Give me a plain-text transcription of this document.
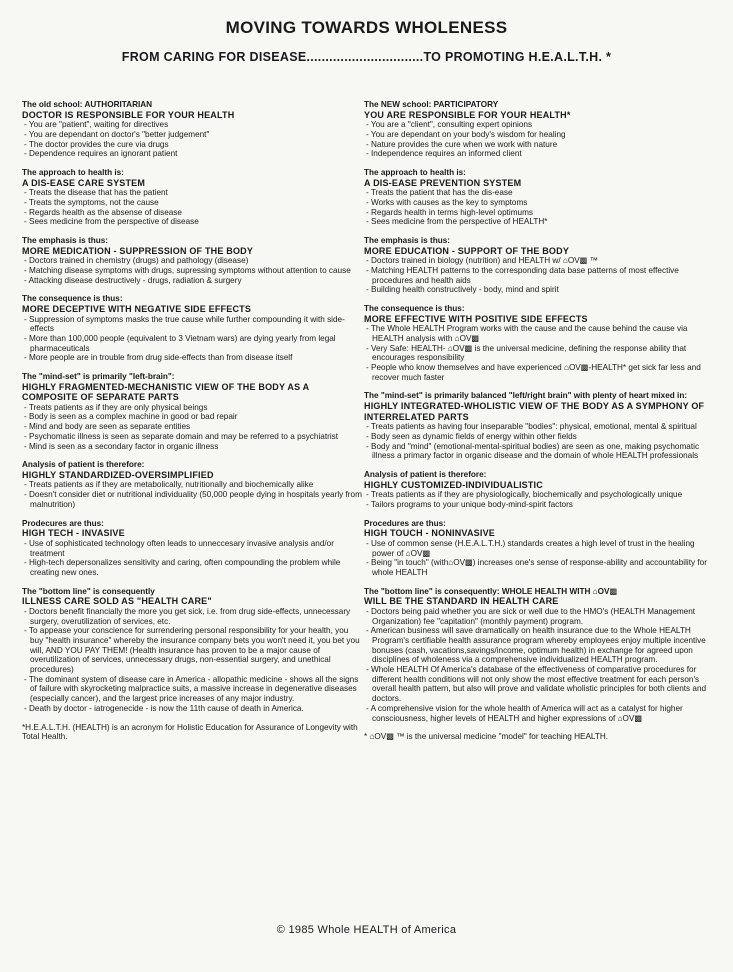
MOVING TOWARDS WHOLENESS
FROM CARING FOR DISEASE...............................TO PROMOTING H.E.A.L.T.H. *
The old school: AUTHORITARIAN
DOCTOR IS RESPONSIBLE FOR YOUR HEALTH
- You are "patient", waiting for directives
- You are dependant on doctor's "better judgement"
- The doctor provides the cure via drugs
- Dependence requires an ignorant patient
The approach to health is:
A DIS-EASE CARE SYSTEM
- Treats the disease that has the patient
- Treats the symptoms, not the cause
- Regards health as the absense of disease
- Sees medicine from the perspective of disease
The emphasis is thus:
MORE MEDICATION - SUPPRESSION OF THE BODY
- Doctors trained in chemistry (drugs) and pathology (disease)
- Matching disease symptoms with drugs, supressing symptoms without attention to cause
- Attacking disease destructively - drugs, radiation & surgery
The consequence is thus:
MORE DECEPTIVE WITH NEGATIVE SIDE EFFECTS
- Suppression of symptoms masks the true cause while further compounding it with side-effects
- More than 100,000 people (equivalent to 3 Vietnam wars) are dying yearly from legal pharmaceuticals
- More people are in trouble from drug side-effects than from disease itself
The "mind-set" is primarily "left-brain":
HIGHLY FRAGMENTED-MECHANISTIC VIEW OF THE BODY AS A COMPOSITE OF SEPARATE PARTS
- Treats patients as if they are only physical beings
- Body is seen as a complex machine in good or bad repair
- Mind and body are seen as separate entities
- Psychomatic illness is seen as separate domain and may be referred to a psychiatrist
- Mind is seen as a secondary factor in organic illness
Analysis of patient is therefore:
HIGHLY STANDARDIZED-OVERSIMPLIFIED
- Treats patients as if they are metabolically, nutritionally and biochemically alike
- Doesn't consider diet or nutritional individuality (50,000 people dying in hospitals yearly from malnutrition)
Prodecures are thus:
HIGH TECH - INVASIVE
- Use of sophisticated technology often leads to unneccesary invasive analysis and/or treatment
- High-tech depersonalizes sensitivity and caring, often compounding the problem while creating new ones.
The "bottom line" is consequently
ILLNESS CARE SOLD AS "HEALTH CARE"
- Doctors benefit financially the more you get sick, i.e. from drug side-effects, unnecessary surgery, overutilization of services, etc.
- To appease your conscience for surrendering personal responsibility for your health, you buy "health insurance" whereby the insurance company bets you won't need it, you bet you will, AND YOU PAY THEM! (Health insurance has proven to be a major cause of overutilization of services, unnecessary drugs, non-essential surgery, and unethical procedures)
- The dominant system of disease care in America - allopathic medicine - shows all the signs of failure with skyrocketing malpractice suits, a massive increase in degenerative diseases (especially cancer), and the largest price increases of any major industry.
- Death by doctor - iatrogenecide - is now the 11th cause of death in America.
*H.E.A.L.T.H. (HEALTH) is an acronym for Holistic Education for Assurance of Longevity with Total Health.
The NEW school: PARTICIPATORY
YOU ARE RESPONSIBLE FOR YOUR HEALTH*
- You are a "client", consulting expert opinions
- You are dependant on your body's wisdom for healing
- Nature provides the cure when we work with nature
- Independence requires an informed client
The approach to health is:
A DIS-EASE PREVENTION SYSTEM
- Treats the patient that has the dis-ease
- Works with causes as the key to symptoms
- Regards health in terms high-level optimums
- Sees medicine from the perspective of HEALTH*
The emphasis is thus:
MORE EDUCATION - SUPPORT OF THE BODY
- Doctors trained in biology (nutrition) and HEALTH w/ ⌂OV▩ ™
- Matching HEALTH patterns to the corresponding data base patterns of most effective procedures and health aids
- Building health constructively - body, mind and spirit
The consequence is thus:
MORE EFFECTIVE WITH POSITIVE SIDE EFFECTS
- The Whole HEALTH Program works with the cause and the cause behind the cause via HEALTH analysis with ⌂OV▩
- Very Safe: HEALTH- ⌂OV▩ is the universal medicine, defining the response ability that encourages responsibility
- People who know themselves and have experienced ⌂OV▩-HEALTH* get sick far less and recover much faster
The "mind-set" is primarily balanced "left/right brain" with plenty of heart mixed in:
HIGHLY INTEGRATED-WHOLISTIC VIEW OF THE BODY AS A SYMPHONY OF INTERRELATED PARTS
- Treats patients as having four inseparable "bodies": physical, emotional, mental & spiritual
- Body seen as dynamic fields of energy within other fields
- Body and "mind" (emotional-mental-spiritual bodies) are seen as one, making psychomatic illness a primary factor in organic disease and the domain of whole HEALTH professionals
Analysis of patient is therefore:
HIGHLY CUSTOMIZED-INDIVIDUALISTIC
- Treats patients as if they are physiologically, biochemically and psychologically unique
- Tailors programs to your unique body-mind-spirit factors
Procedures are thus:
HIGH TOUCH - NONINVASIVE
- Use of common sense (H.E.A.L.T.H.) standards creates a high level of trust in the healing power of ⌂OV▩
- Being "in touch" (with⌂OV▩) increases one's sense of response-ability and accountability for whole HEALTH
The "bottom line" is consequently: WHOLE HEALTH WITH ⌂OV▩
WILL BE THE STANDARD IN HEALTH CARE
- Doctors being paid whether you are sick or well due to the HMO's (HEALTH Management Organization) fee "capitation" (monthly payment) program.
- American business will save dramatically on health insurance due to the Whole HEALTH Program's certifiable health assurance program whereby employees enjoy multiple incentive bonuses (cash, vacations,savings/income, optimum health) in exchange for agreed upon disciplines of wholeness via a comprehensive individualized HEALTH program.
- Whole HEALTH Of America's database of the effectiveness of comparative procedures for different health conditions will not only show the most effective treatment for each person's overall health pattern, but also will prove and validate wholistic principles for both clients and doctors.
- A comprehensive vision for the whole health of America will act as a catalyst for higher consciousness, higher levels of HEALTH and higher expressions of ⌂OV▩
* ⌂OV▩ ™ is the universal medicine "model" for teaching HEALTH.
© 1985 Whole HEALTH of America
